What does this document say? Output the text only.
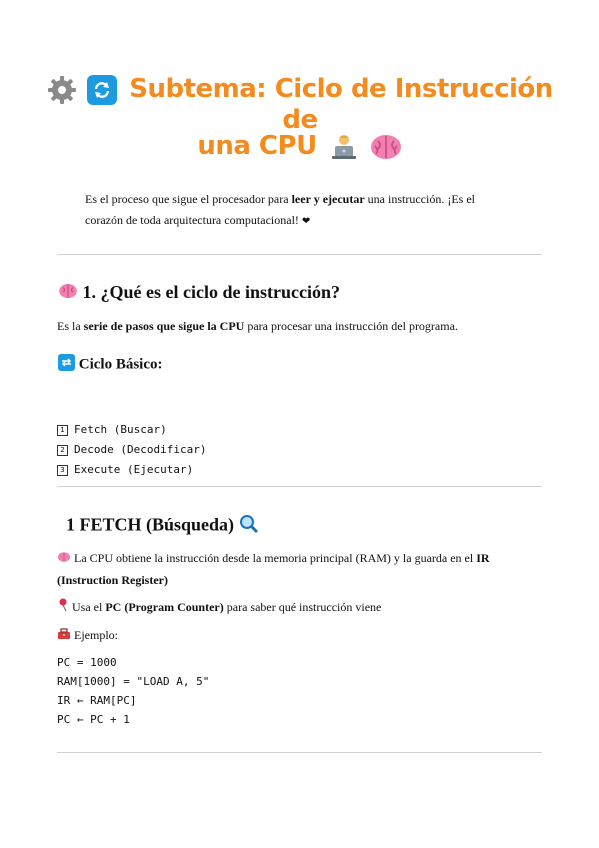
Subtema: Ciclo de Instrucción de
una CPU
Es el proceso que sigue el procesador para leer y ejecutar una instrucción. ¡Es el corazón de toda arquitectura computacional! ❤
1. ¿Qué es el ciclo de instrucción?
Es la serie de pasos que sigue la CPU para procesar una instrucción del programa.
Ciclo Básico:

1 Fetch (Buscar)
2 Decode (Decodificar)
3 Execute (Ejecutar)

1 FETCH (Búsqueda)
La CPU obtiene la instrucción desde la memoria principal (RAM) y la guarda en el IR (Instruction Register)
Usa el PC (Program Counter) para saber qué instrucción viene
Ejemplo:
PC = 1000
RAM[1000] = "LOAD A, 5"
IR ← RAM[PC]
PC ← PC + 1
